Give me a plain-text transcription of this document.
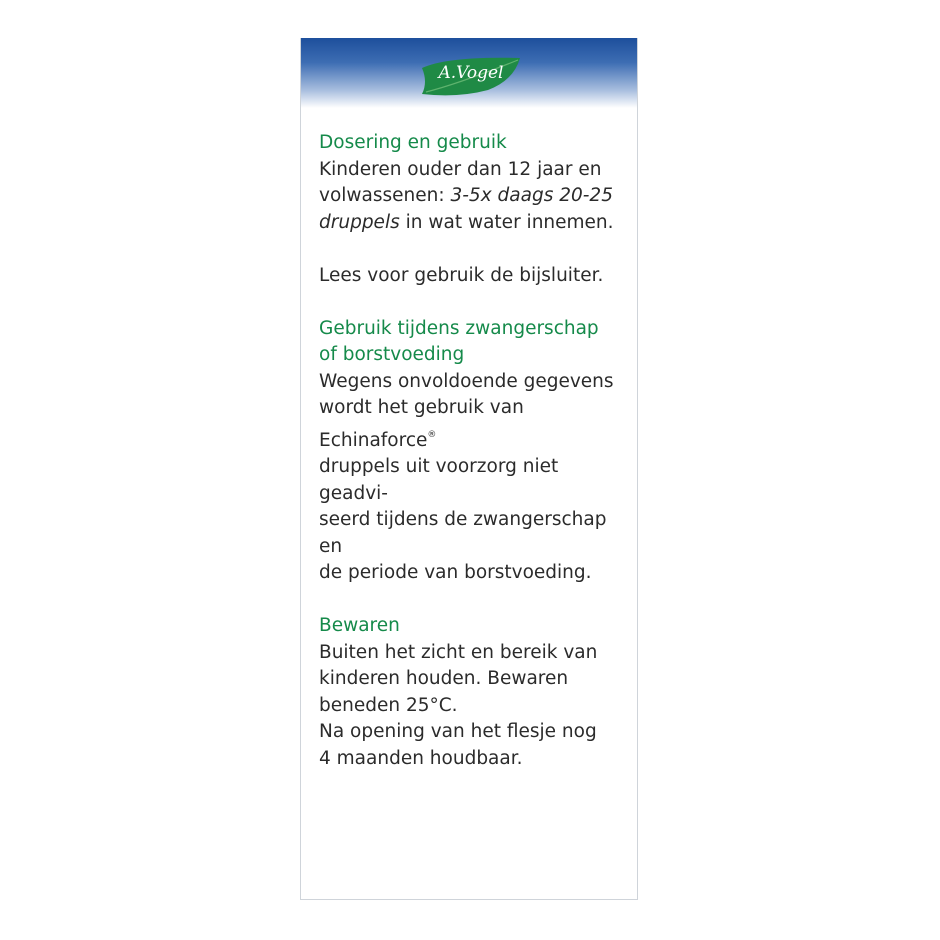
A.Vogel

Dosering en gebruik

Kinderen ouder dan 12 jaar en

volwassenen: 3-5x daags 20-25

druppels in wat water innemen.

Lees voor gebruik de bijsluiter.

Gebruik tijdens zwangerschap

of borstvoeding

Wegens onvoldoende gegevens

wordt het gebruik van Echinaforce®

druppels uit voorzorg niet geadvi-

seerd tijdens de zwangerschap en

de periode van borstvoeding.

Bewaren

Buiten het zicht en bereik van

kinderen houden. Bewaren

beneden 25°C.

Na opening van het flesje nog

4 maanden houdbaar.
